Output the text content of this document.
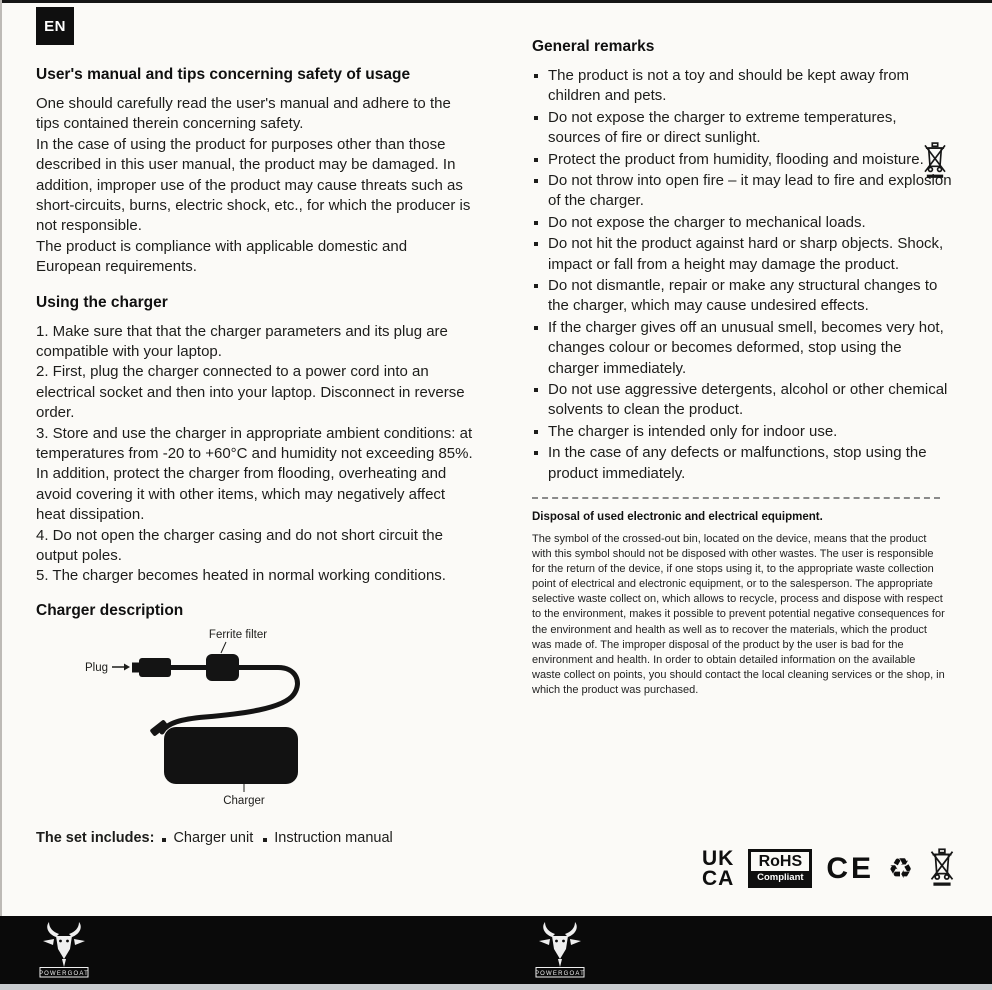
EN
User's manual and tips concerning safety of usage

One should carefully read the user's manual and adhere to the tips contained therein concerning safety.

In the case of using the product for purposes other than those described in this user manual, the product may be damaged. In addition, improper use of the product may cause threats such as short-circuits, burns, electric shock, etc., for which the producer is not responsible.

The product is compliance with applicable domestic and European requirements.

Using the charger

1. Make sure that that the charger parameters and its plug are compatible with your laptop.

2. First, plug the charger connected to a power cord into an electrical socket and then into your laptop. Disconnect in reverse order.

3. Store and use the charger in appropriate ambient conditions: at temperatures from -20 to +60°C and humidity not exceeding 85%. In addition, protect the charger from flooding, overheating and avoid covering it with other items, which may negatively affect heat dissipation.

4. Do not open the charger casing and do not short circuit the output poles.

5. The charger becomes heated in normal working conditions.

Charger description
Ferrite filter
Plug
Charger
The set includes: Charger unit Instruction manual
General remarks
The product is not a toy and should be kept away from children and pets.
Do not expose the charger to extreme temperatures, sources of fire or direct sunlight.
Protect the product from humidity, flooding and moisture.
Do not throw into open fire – it may lead to fire and explosion of the charger.
Do not expose the charger to mechanical loads.
Do not hit the product against hard or sharp objects. Shock, impact or fall from a height may damage the product.
Do not dismantle, repair or make any structural changes to the charger, which may cause undesired effects.
If the charger gives off an unusual smell, becomes very hot, changes colour or becomes deformed, stop using the charger immediately.
Do not use aggressive detergents, alcohol or other chemical solvents to clean the product.
The charger is intended only for indoor use.
In the case of any defects or malfunctions, stop using the product immediately.
Disposal of used electronic and electrical equipment.
The symbol of the crossed-out bin, located on the device, means that the product with this symbol should not be disposed with other wastes. The user is responsible for the return of the device, if one stops using it, to the appropriate waste collection point of electrical and electronic equipment, or to the salesperson. The appropriate selective waste collect on, which allows to recycle, process and dispose with respect to the environment, makes it possible to prevent potential negative consequences for the environment and health as well as to recover the materials, which the product was made of. The improper disposal of the product by the user is bad for the environment and health. In order to obtain detailed information on the available waste collect on points, you should contact the local cleaning services or the shop, in which the product was purchased.
UK
CA
RoHS
Compliant CE ♻
POWERGOAT	POWERGOAT
